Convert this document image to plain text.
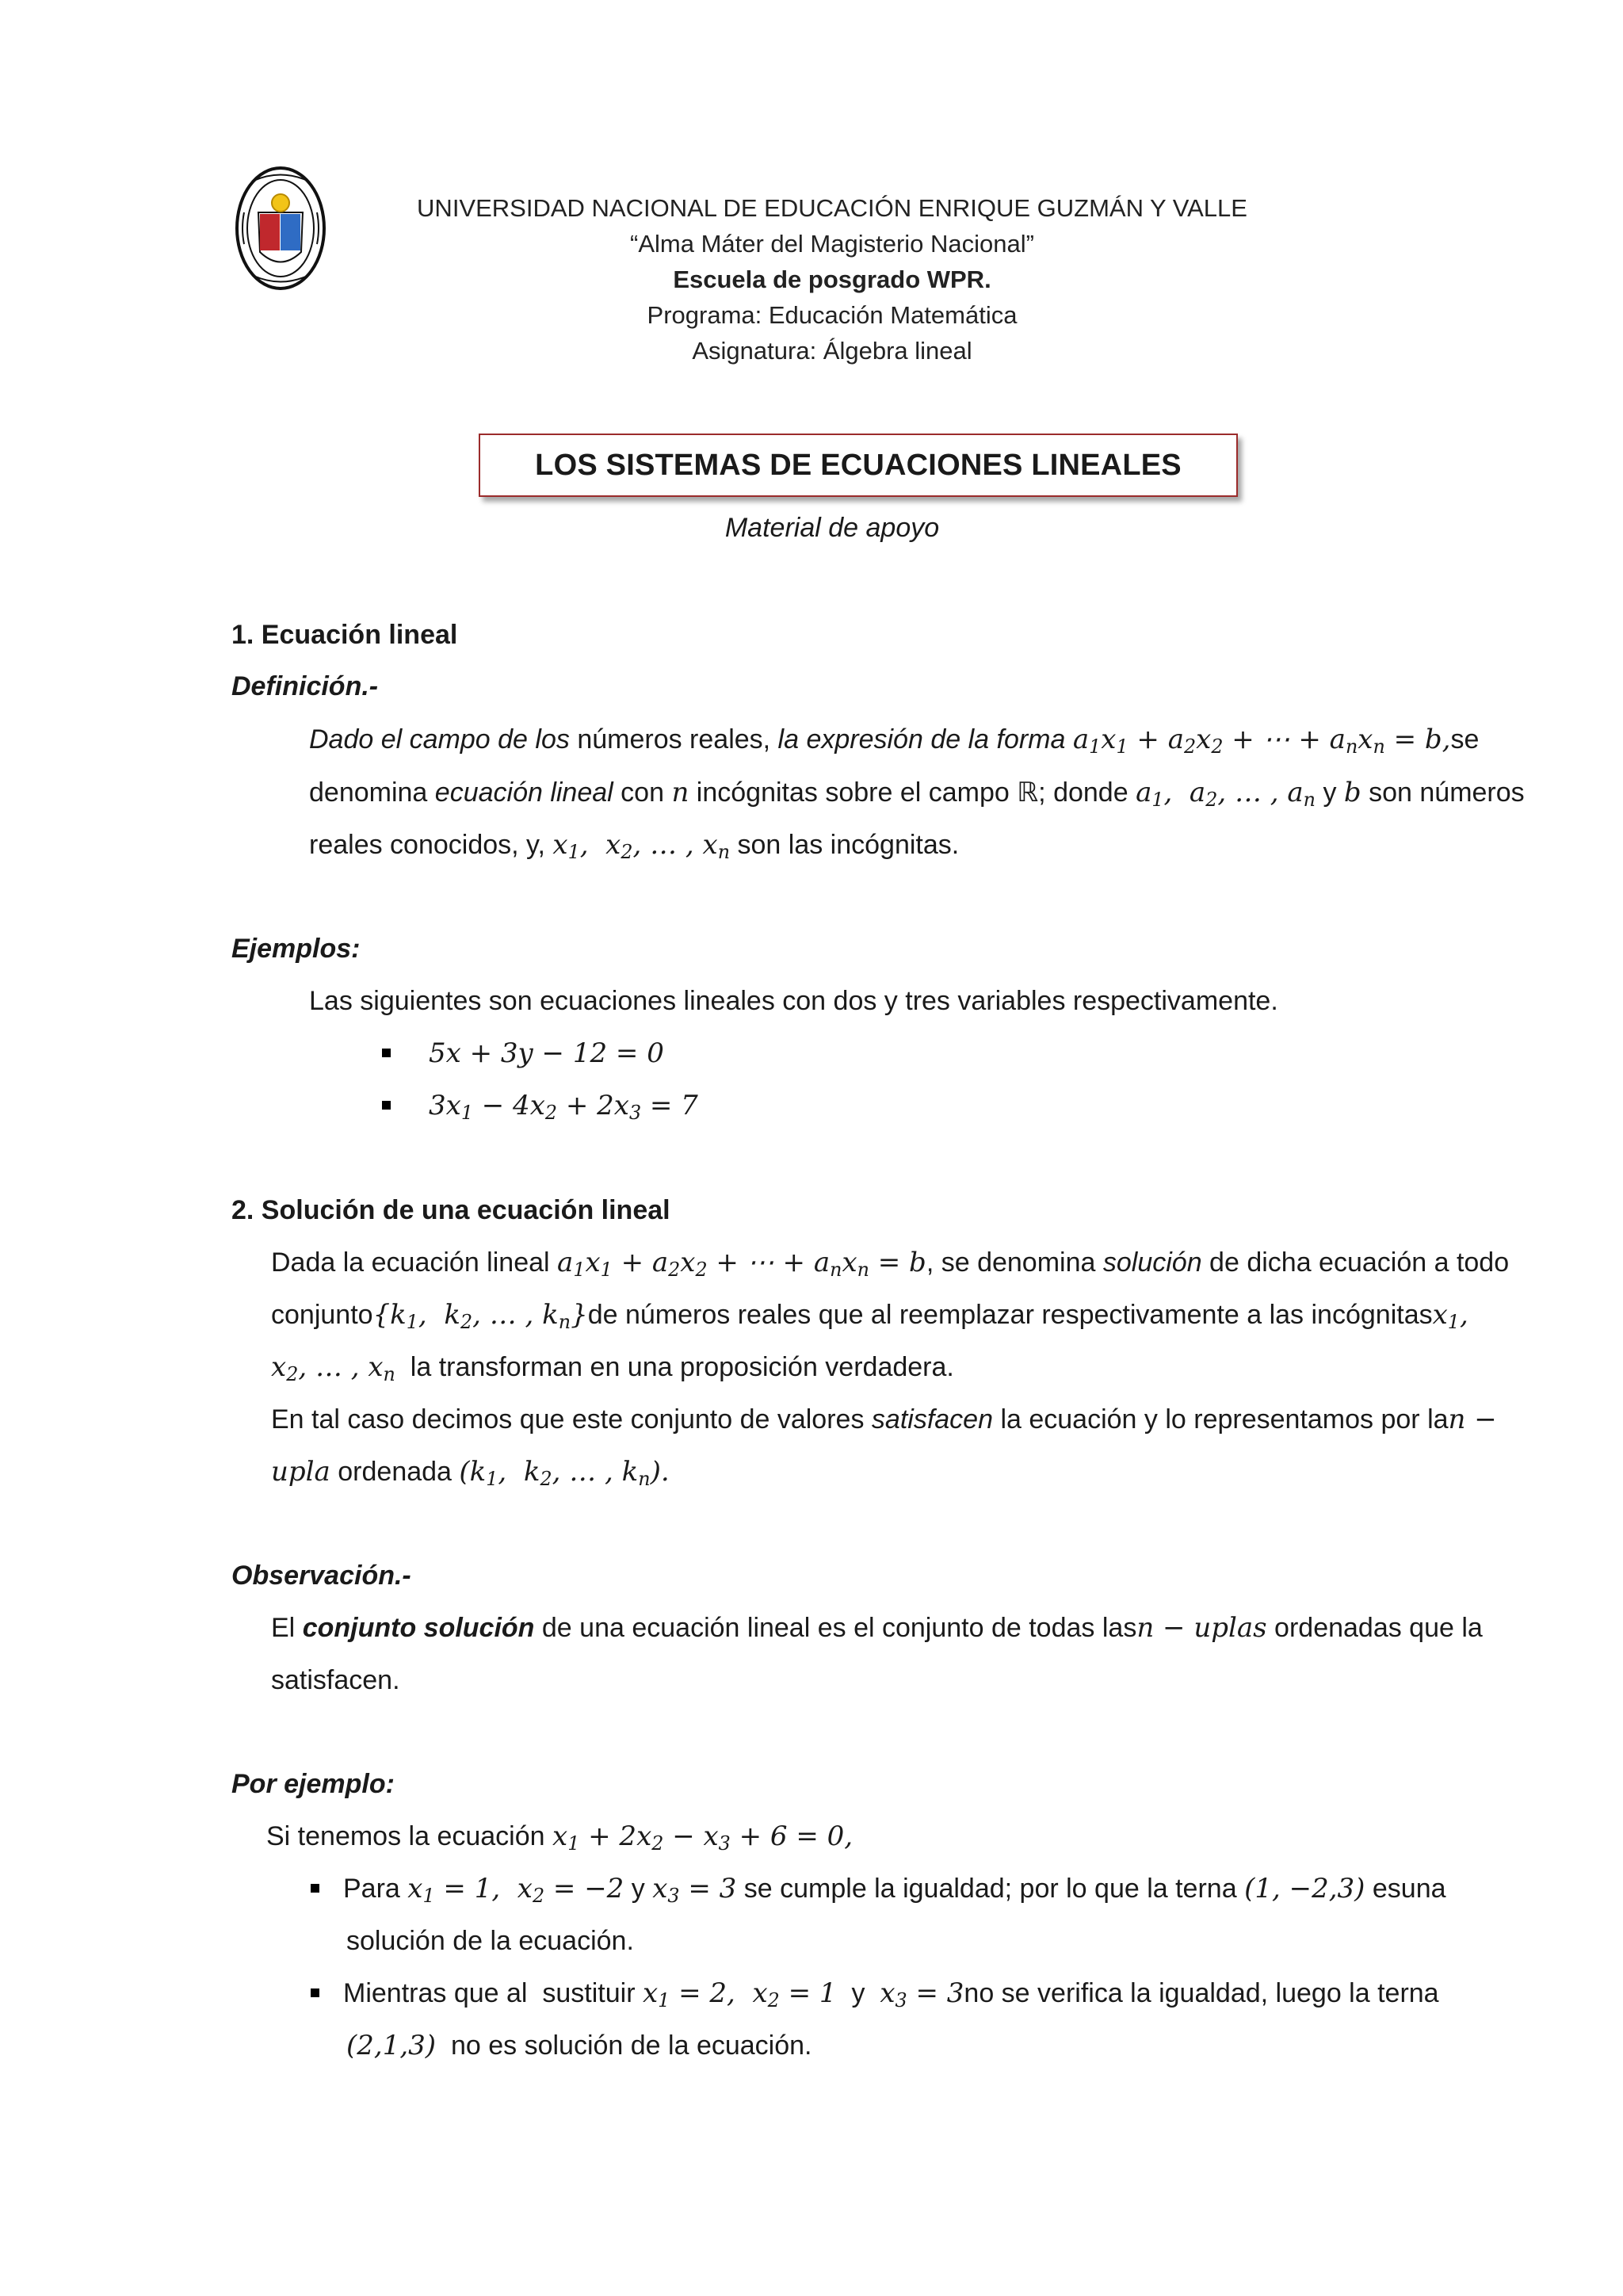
UNIVERSIDAD NACIONAL DE EDUCACIÓN ENRIQUE GUZMÁN Y VALLE
“Alma Máter del Magisterio Nacional”
Escuela de posgrado WPR.
Programa: Educación Matemática
Asignatura: Álgebra lineal
LOS SISTEMAS DE ECUACIONES LINEALES
Material de apoyo
1. Ecuación lineal
Definición.-
Dado el campo de los números reales, la expresión de la forma $a_1x_1 + a_2x_2$ + ⋯ + $a_nx_n = b$, se
denomina ecuación lineal con n incógnitas sobre el campo ℝ; donde $a_1$,  $a_2$, … , $a_n$ y b son números
reales conocidos, y, $x_1$,  $x_2$, … , $x_n$ son las incógnitas.
Ejemplos:
Las siguientes son ecuaciones lineales con dos y tres variables respectivamente.
5x + 3y − 12 = 0
$3x_1 - 4x_2 + 2x_3 = 7$
2. Solución de una ecuación lineal
Dada la ecuación lineal $a_1x_1 + a_2x_2$ + ⋯ + $a_nx_n = b$, se denomina solución de dicha ecuación a todo
conjunto {$k_1$,  $k_2$, … , $k_n$} de números reales que al reemplazar respectivamente a las incógnitas $x_1$,
$x_2$, … , $x_n$ la transforman en una proposición verdadera.
En tal caso decimos que este conjunto de valores satisfacen la ecuación y lo representamos por la n −
upla ordenada ($k_1$,  $k_2$, … , $k_n$).
Observación.-
El conjunto solución de una ecuación lineal es el conjunto de todas las n − uplas ordenadas que la
satisfacen.
Por ejemplo:
Si tenemos la ecuación $x_1 + 2x_2 - x_3 + 6 = 0$,
Para $x_1 = 1$,  $x_2 = -2$ y $x_3 = 3$ se cumple la igualdad; por lo que la terna (1, −2,3) es una
solución de la ecuación.
Mientras que al sustituir $x_1 = 2$,  $x_2 = 1$ y $x_3 = 3$ no se verifica la igualdad, luego la terna
(2,1,3) no es solución de la ecuación.
